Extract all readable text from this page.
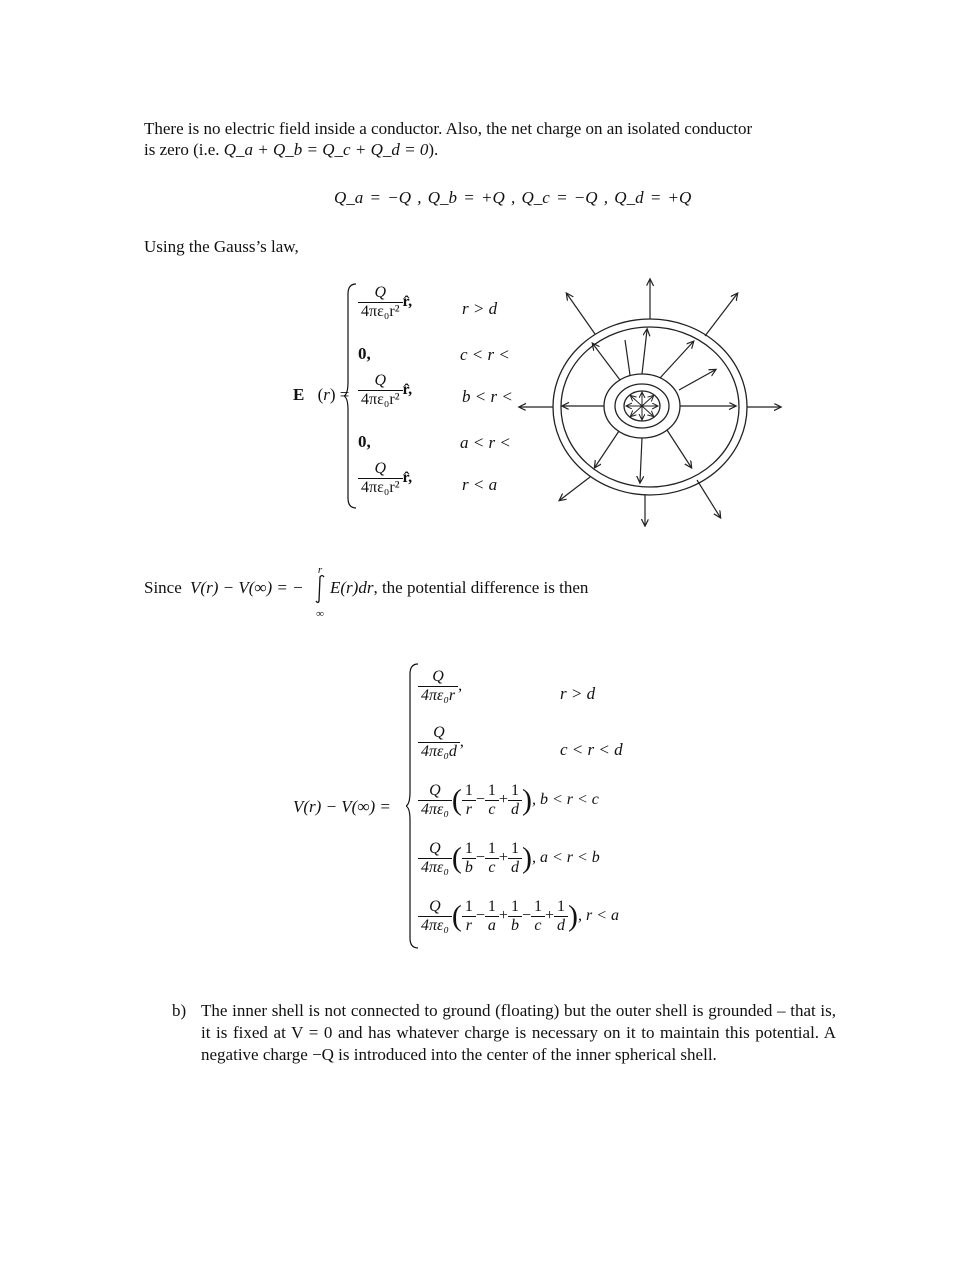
There is no electric field inside a conductor. Also, the net charge on an isolated conductor
is zero (i.e. Q_a + Q_b = Q_c + Q_d = 0).
Q_a = −Q , Q_b = +Q , Q_c = −Q , Q_d = +Q
Using the Gauss’s law,
E⃗(r) =
$\frac{Q}{\text{4πε₀r²}}$ r̂,	r > d
0,	c < r <
$\frac{Q}{\text{4πε₀r²}}$ r̂,	b < r <
0,	a < r <
$\frac{Q}{\text{4πε₀r²}}$ r̂,	r < a
Since V(r) − V(∞) = −
r
∞
E(r)dr, the potential difference is then
V(r) − V(∞) =
$\frac{Q}{\text{4πε₀r}}$ ,	r > d
$\frac{Q}{\text{4πε₀d}}$ ,	c < r < d
$\frac{Q}{\text{4πε₀}}$ ( $\frac{1}{r} - \frac{1}{c} + \frac{1}{d}$ ), b < r < c
$\frac{Q}{\text{4πε₀}}$ ( $\frac{1}{b} - \frac{1}{c} + \frac{1}{d}$ ), a < r < b
$\frac{Q}{\text{4πε₀}}$ ( $\frac{1}{r} - \frac{1}{a} + \frac{1}{b} - \frac{1}{c} + \frac{1}{d}$ ), r < a
b) The inner shell is not connected to ground (floating) but the outer shell is grounded – that is, it is fixed at V = 0 and has whatever charge is necessary on it to maintain this potential. A negative charge −Q is introduced into the center of the inner spherical shell.
